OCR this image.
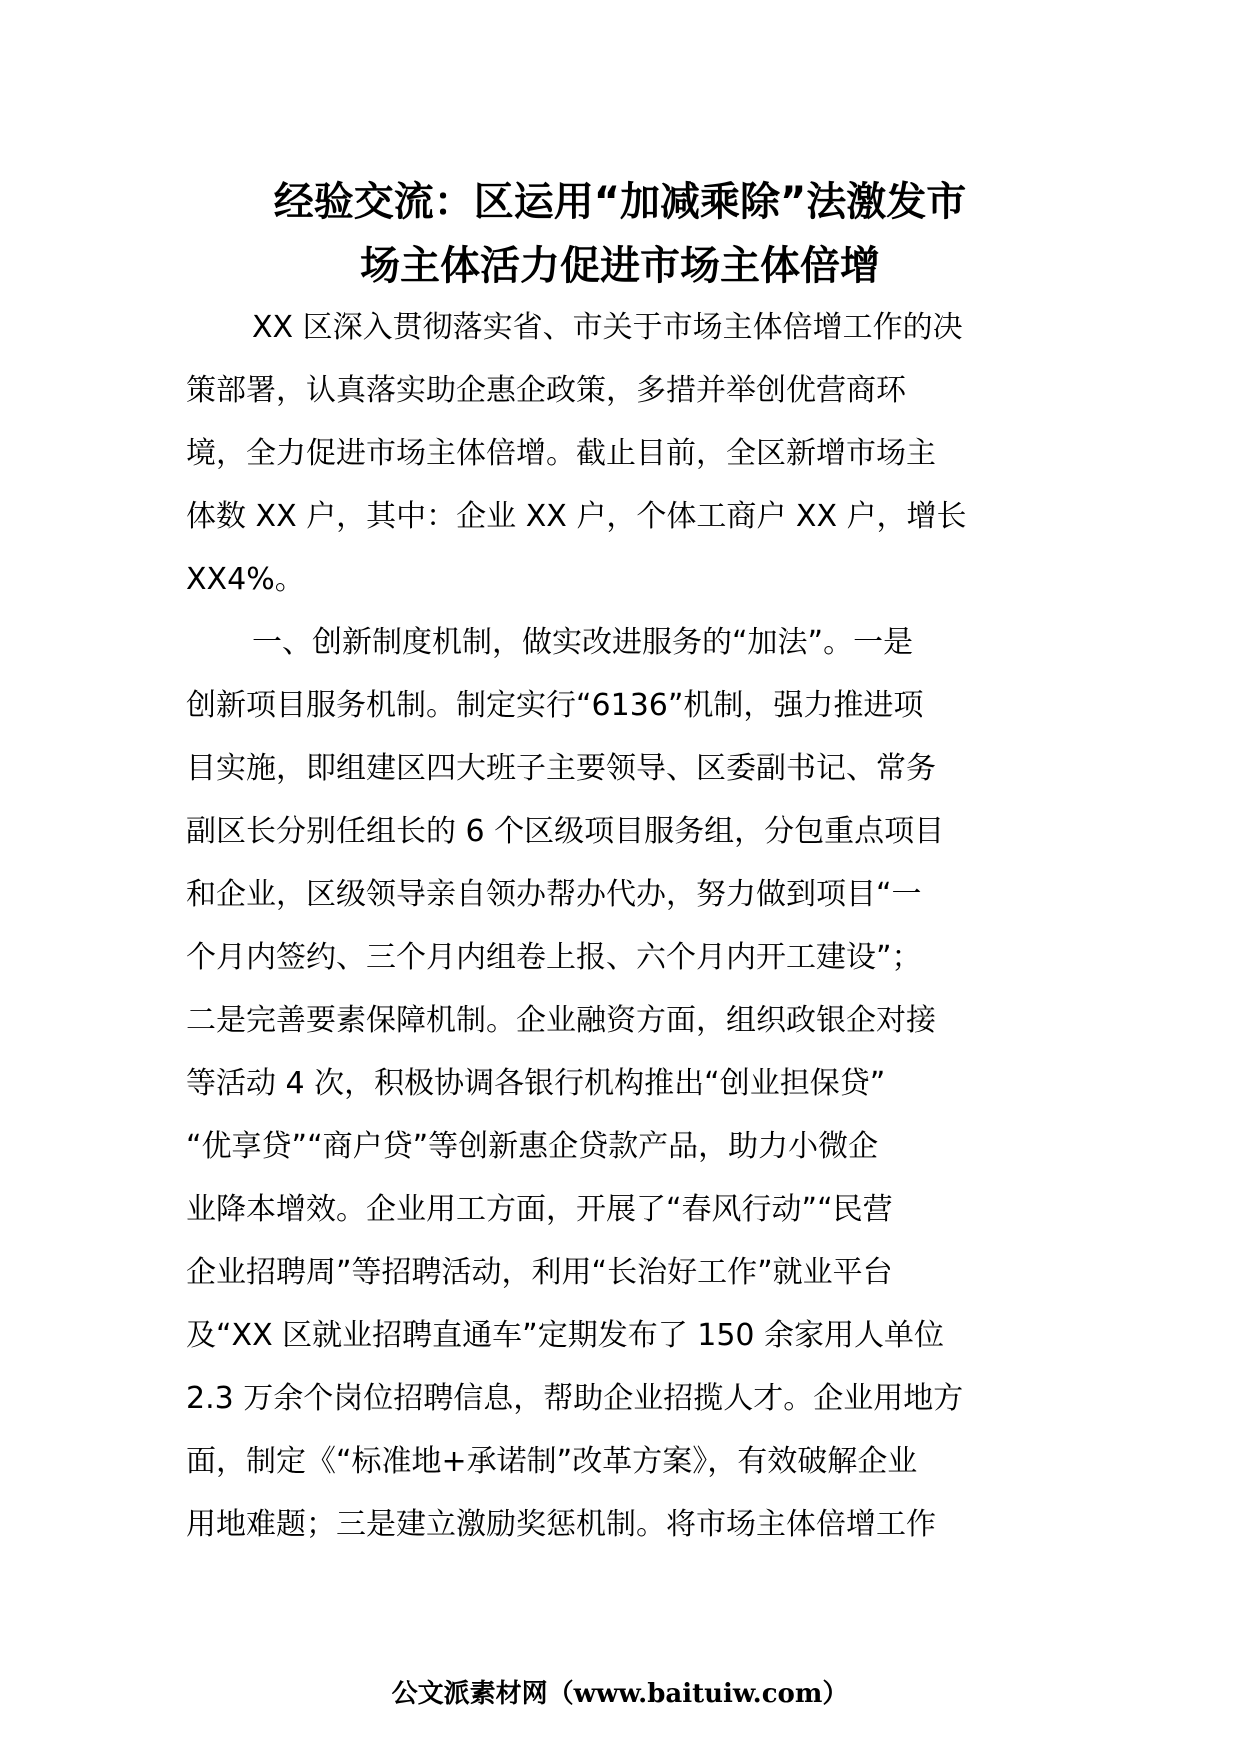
经验交流：区运用“加减乘除”法激发市
场主体活力促进市场主体倍增
XX 区深入贯彻落实省、市关于市场主体倍增工作的决
策部署，认真落实助企惠企政策，多措并举创优营商环
境，全力促进市场主体倍增。截止目前，全区新增市场主
体数 XX 户，其中：企业 XX 户，个体工商户 XX 户，增长
XX4%。
一、创新制度机制，做实改进服务的“加法”。一是
创新项目服务机制。制定实行“6136”机制，强力推进项
目实施，即组建区四大班子主要领导、区委副书记、常务
副区长分别任组长的 6 个区级项目服务组，分包重点项目
和企业，区级领导亲自领办帮办代办，努力做到项目“一
个月内签约、三个月内组卷上报、六个月内开工建设”；
二是完善要素保障机制。企业融资方面，组织政银企对接
等活动 4 次，积极协调各银行机构推出“创业担保贷”
“优享贷”“商户贷”等创新惠企贷款产品，助力小微企
业降本增效。企业用工方面，开展了“春风行动”“民营
企业招聘周”等招聘活动，利用“长治好工作”就业平台
及“XX 区就业招聘直通车”定期发布了 150 余家用人单位
2.3 万余个岗位招聘信息，帮助企业招揽人才。企业用地方
面，制定《“标准地+承诺制”改革方案》，有效破解企业
用地难题；三是建立激励奖惩机制。将市场主体倍增工作
公文派素材网（www.baituiw.com）
